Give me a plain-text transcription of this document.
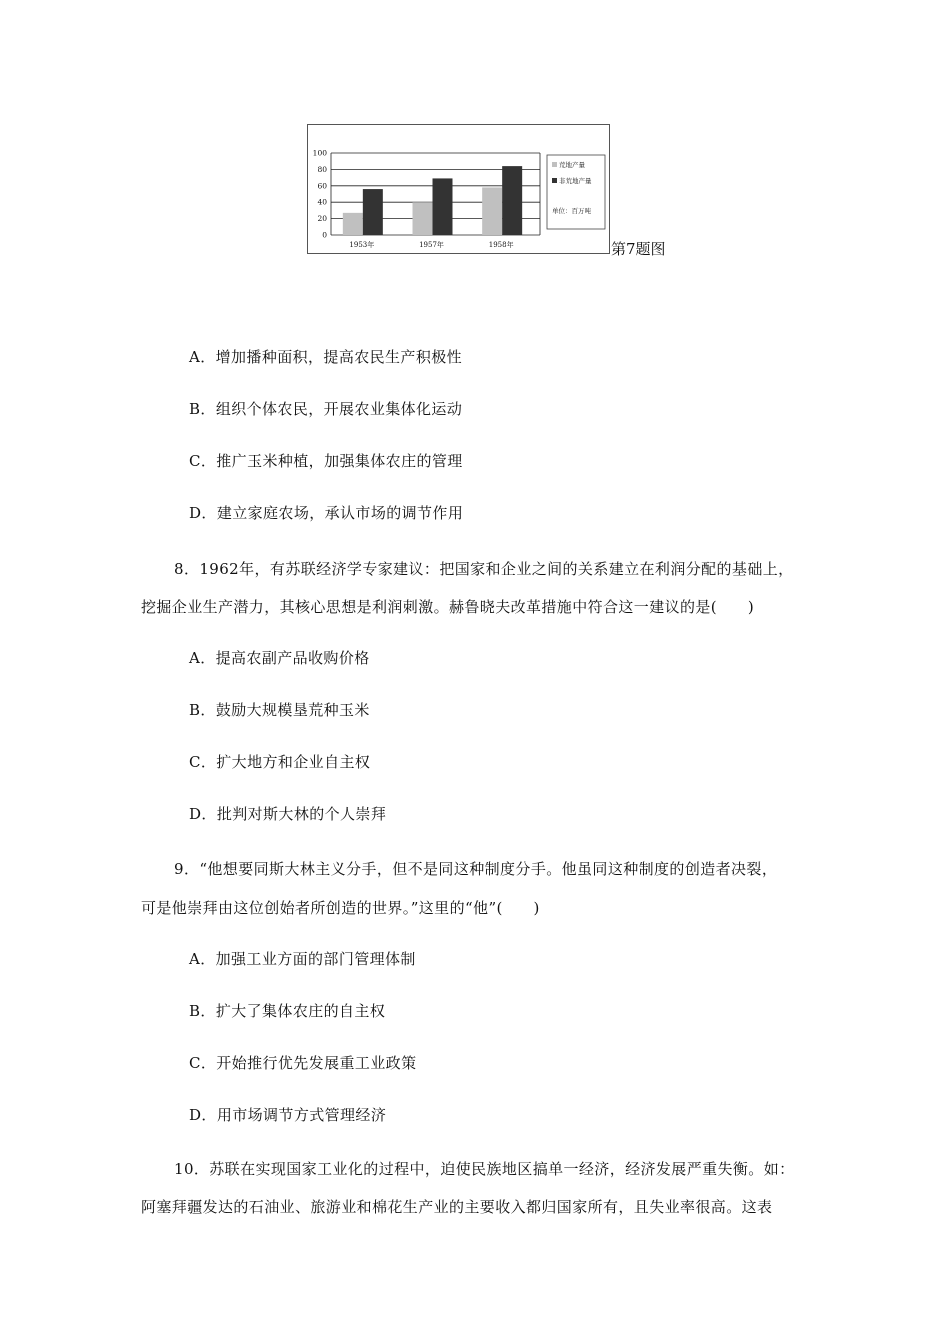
0
20
40
60
80
100
1953年	1957年	1958年
荒地产量
非荒地产量
单位：百万吨
第7题图
A．增加播种面积，提高农民生产积极性
B．组织个体农民，开展农业集体化运动
C．推广玉米种植，加强集体农庄的管理
D．建立家庭农场，承认市场的调节作用
8．1962年，有苏联经济学专家建议：把国家和企业之间的关系建立在利润分配的基础上，
挖掘企业生产潜力，其核心思想是利润刺激。赫鲁晓夫改革措施中符合这一建议的是(　　)
A．提高农副产品收购价格
B．鼓励大规模垦荒种玉米
C．扩大地方和企业自主权
D．批判对斯大林的个人崇拜
9．“他想要同斯大林主义分手，但不是同这种制度分手。他虽同这种制度的创造者决裂，
可是他崇拜由这位创始者所创造的世界。”这里的“他”(　　)
A．加强工业方面的部门管理体制
B．扩大了集体农庄的自主权
C．开始推行优先发展重工业政策
D．用市场调节方式管理经济
10．苏联在实现国家工业化的过程中，迫使民族地区搞单一经济，经济发展严重失衡。如：
阿塞拜疆发达的石油业、旅游业和棉花生产业的主要收入都归国家所有，且失业率很高。这表
